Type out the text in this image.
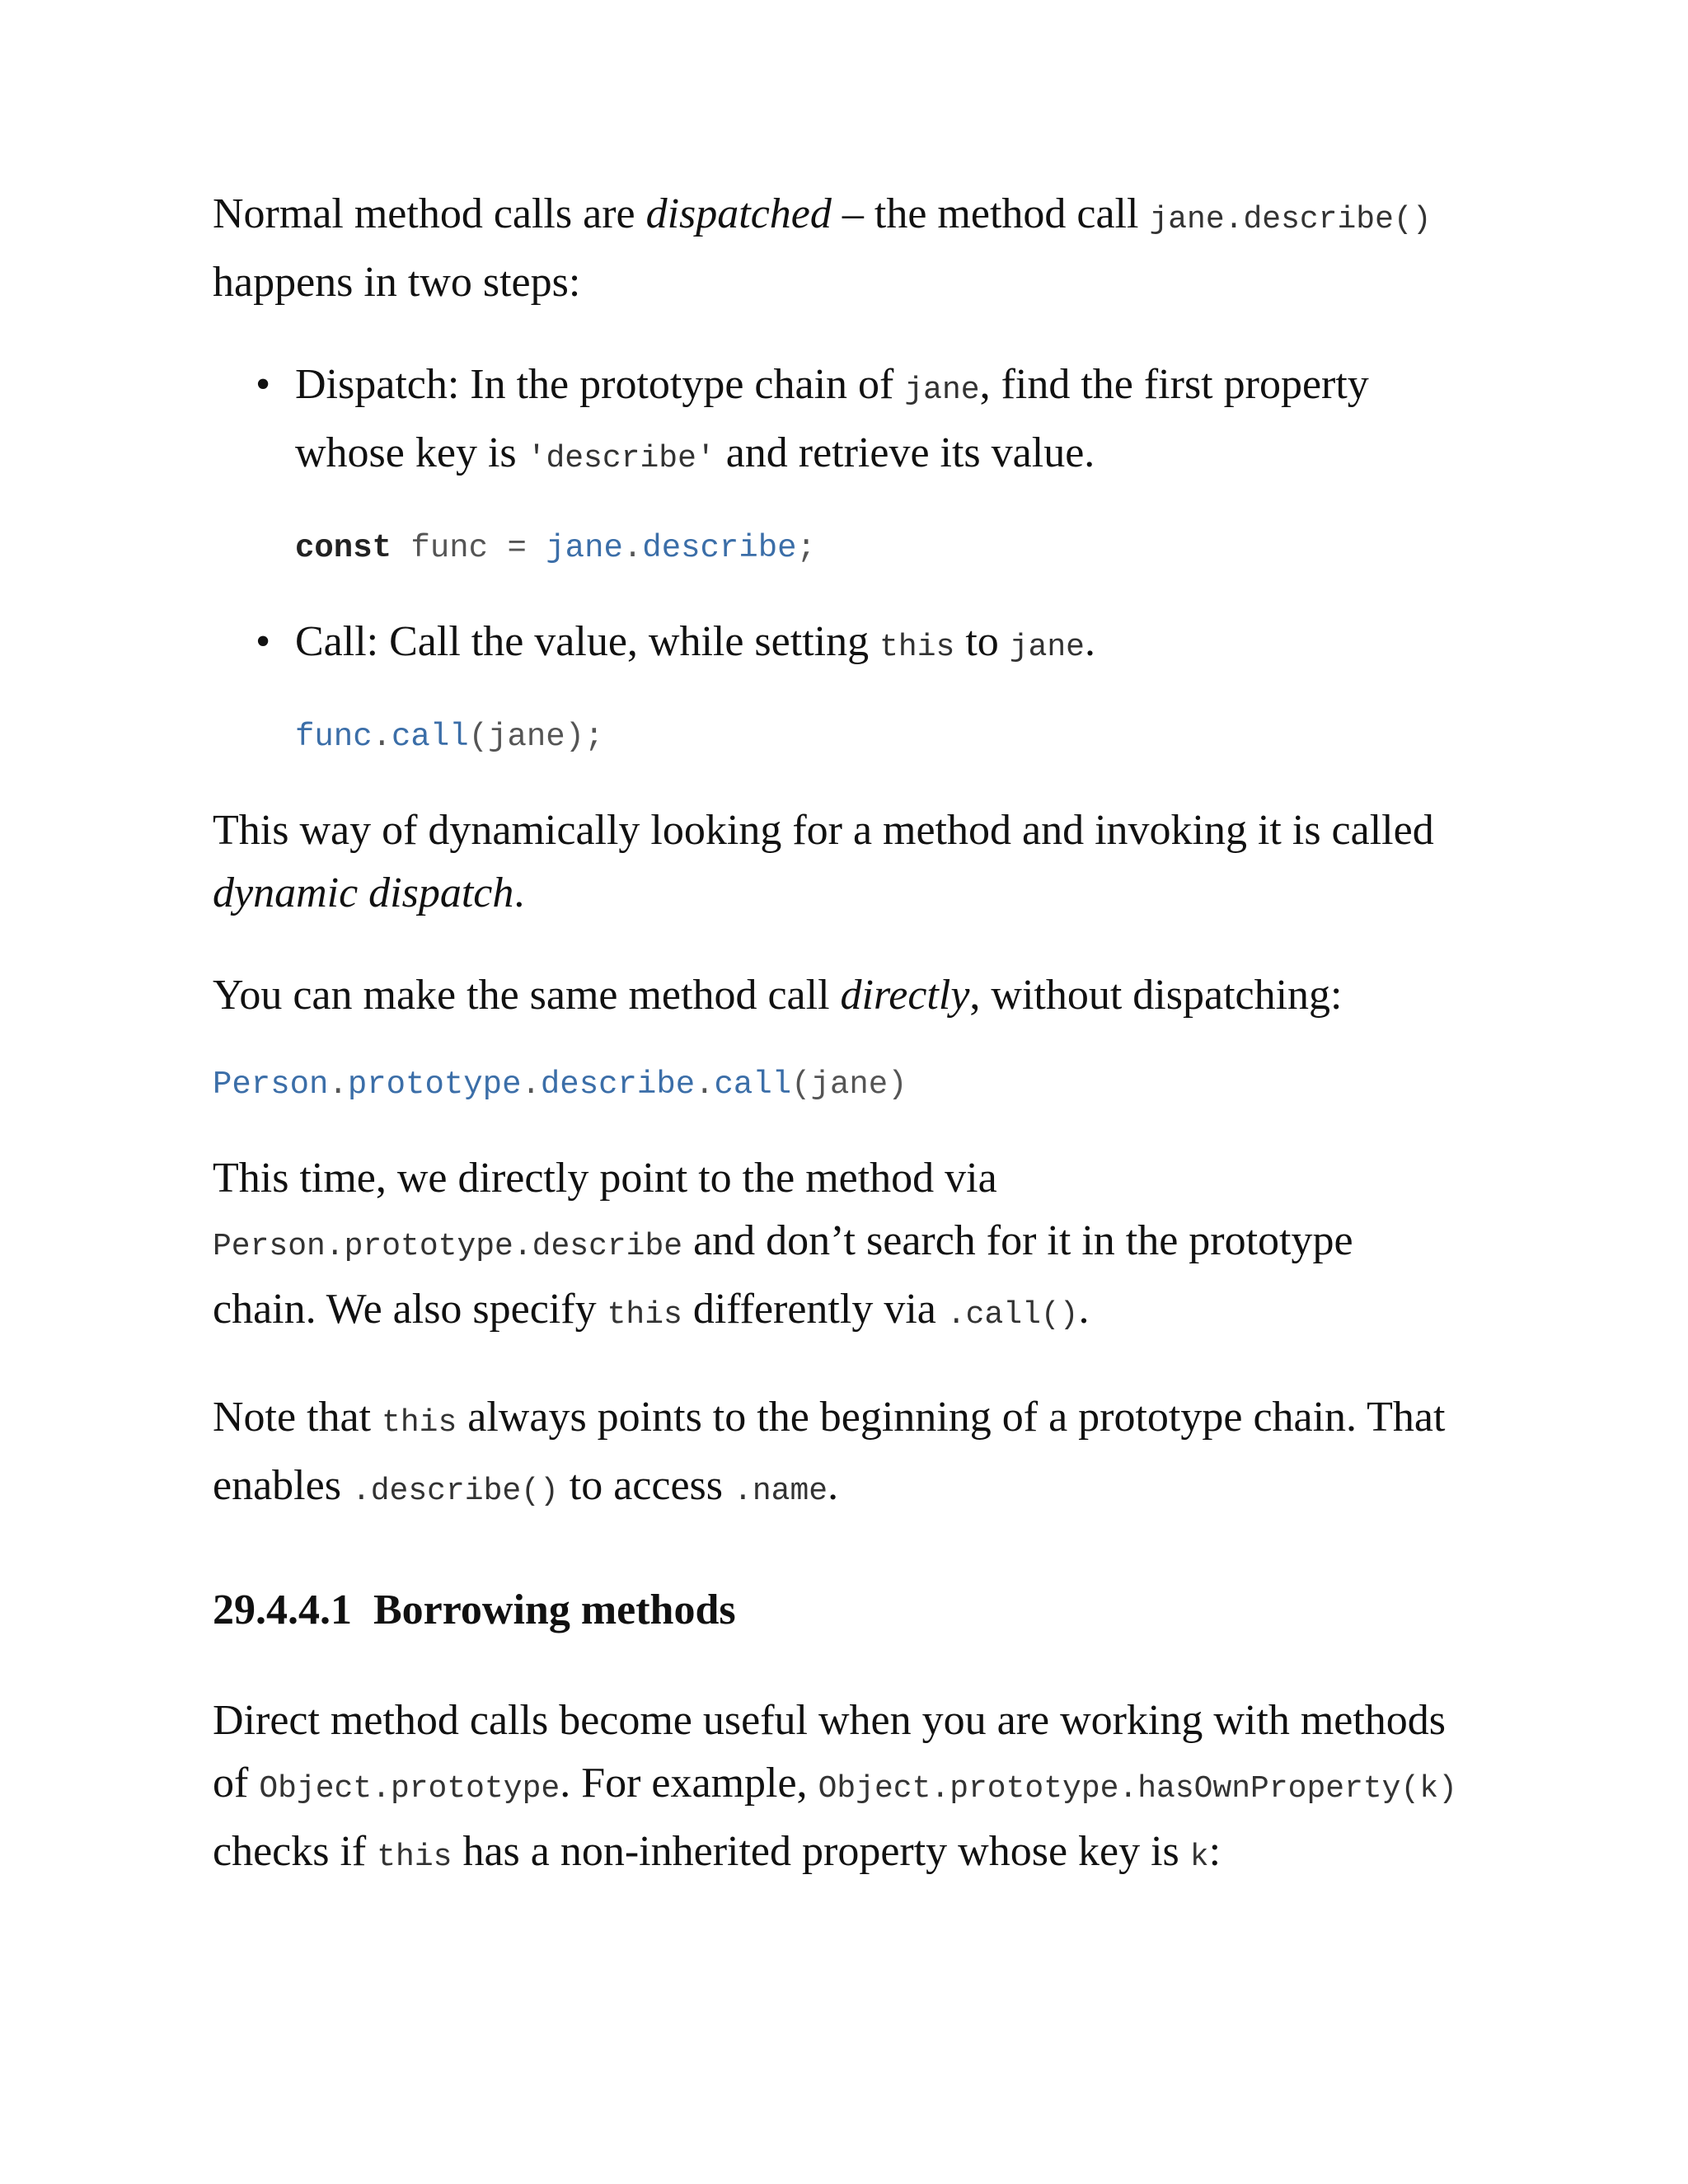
Normal method calls are dispatched – the method call jane.describe() happens in two steps:

• Dispatch: In the prototype chain of jane, find the first property whose key is 'describe' and retrieve its value.
const func = jane.describe;
• Call: Call the value, while setting this to jane.
func.call(jane);

This way of dynamically looking for a method and invoking it is called dynamic dispatch.

You can make the same method call directly, without dispatching:

Person.prototype.describe.call(jane)

This time, we directly point to the method via Person.prototype.describe and don’t search for it in the prototype chain. We also specify this differently via .call().

Note that this always points to the beginning of a prototype chain. That enables .describe() to access .name.

29.4.4.1 Borrowing methods

Direct method calls become useful when you are working with methods of Object.prototype. For example, Object.prototype.hasOwnProperty(k) checks if this has a non-inherited property whose key is k:
